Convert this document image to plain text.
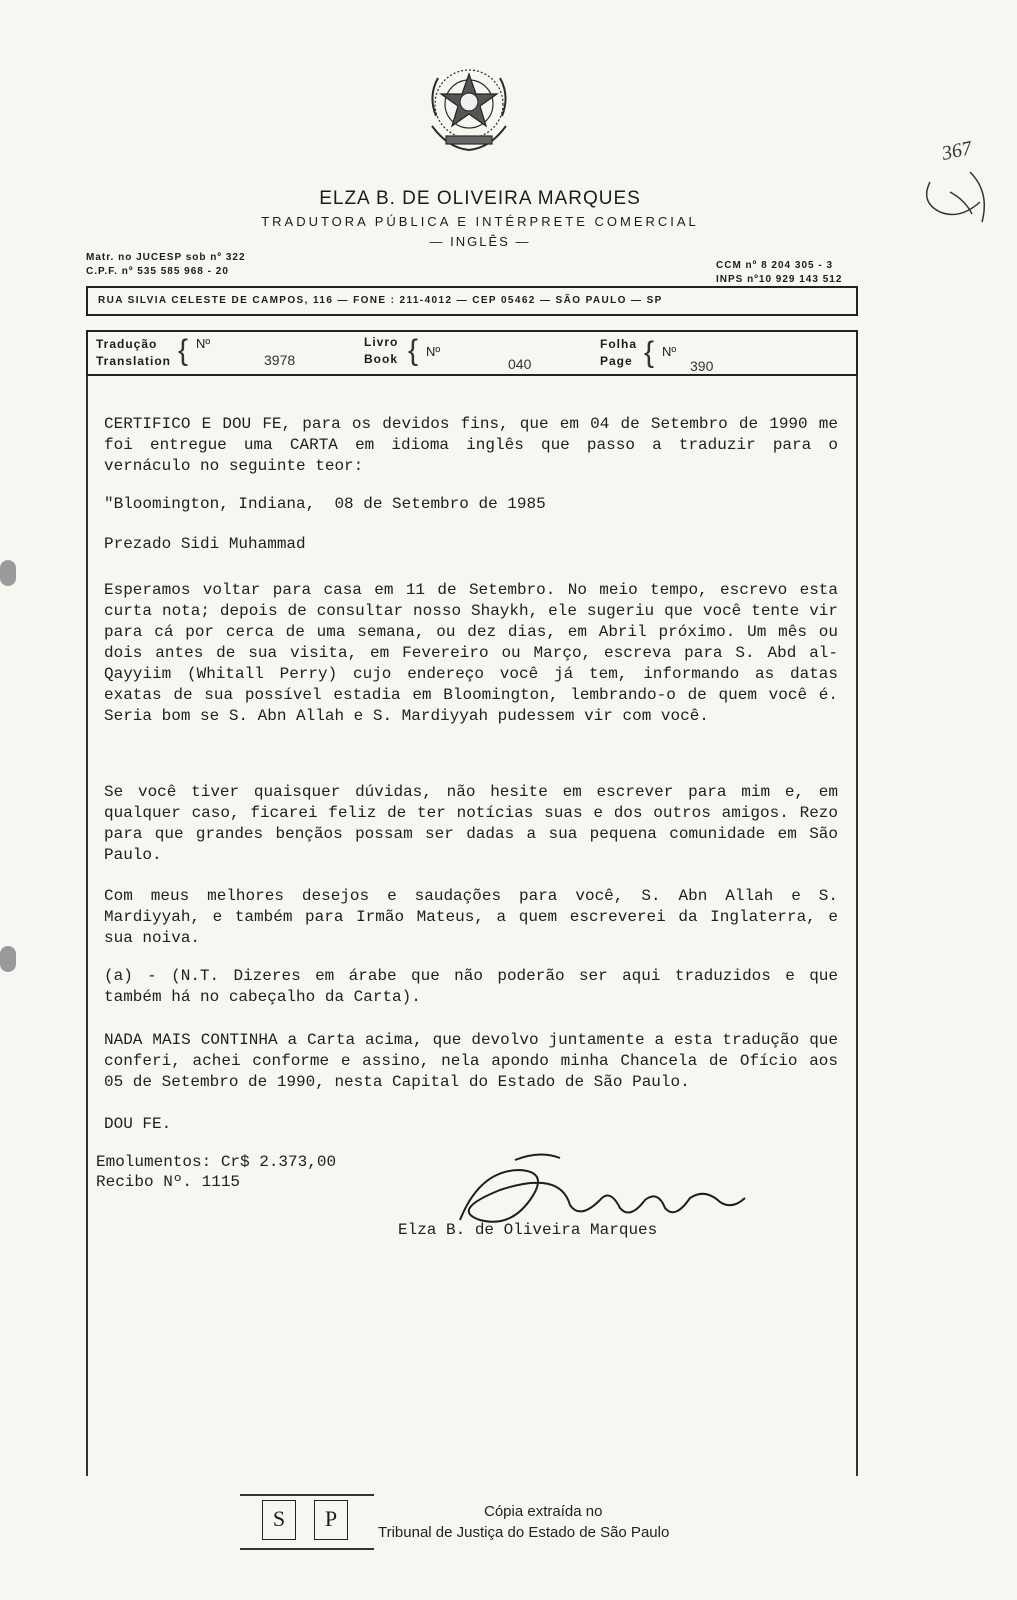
367
ELZA B. DE OLIVEIRA MARQUES
TRADUTORA PÚBLICA E INTÉRPRETE COMERCIAL
— INGLÊS —
Matr. no JUCESP sob nº 322
C.P.F. nº 535 585 968 - 20
CCM nº 8 204 305 - 3
INPS nº10 929 143 512
RUA SILVIA CELESTE DE CAMPOS, 116 — FONE : 211-4012 — CEP 05462 — SÃO PAULO — SP
Tradução
Translation { Nº
3978
Livro
Book { Nº
040
Folha
Page { Nº
390
CERTIFICO E DOU FE, para os devidos fins, que em 04 de Setembro de 1990 me foi entregue uma CARTA em idioma inglês que passo a traduzir para o vernáculo no seguinte teor:
"Bloomington, Indiana,  08 de Setembro de 1985
Prezado Sidi Muhammad
Esperamos voltar para casa em 11 de Setembro. No meio tempo, escrevo esta curta nota; depois de consultar nosso Shaykh, ele sugeriu que você tente vir para cá por cerca de uma semana, ou dez dias, em Abril próximo. Um mês ou dois antes de sua visita, em Fevereiro ou Março, escreva para S. Abd al-Qayyiim (Whitall Perry) cujo endereço você já tem, informando as datas exatas de sua possível estadia em Bloomington, lembrando-o de quem você é. Seria bom se S. Abn Allah e S. Mardiyyah pudessem vir com você.
Se você tiver quaisquer dúvidas, não hesite em escrever para mim e, em qualquer caso, ficarei feliz de ter notícias suas e dos outros amigos. Rezo para que grandes bençãos possam ser dadas a sua pequena comunidade em São Paulo.
Com meus melhores desejos e saudações para você, S. Abn Allah e S. Mardiyyah, e também para Irmão Mateus, a quem escreverei da Inglaterra, e sua noiva.
(a) - (N.T. Dizeres em árabe que não poderão ser aqui traduzidos e que também há no cabeçalho da Carta).
NADA MAIS CONTINHA a Carta acima, que devolvo juntamente a esta tradução que conferi, achei conforme e assino, nela apondo minha Chancela de Ofício aos 05 de Setembro de 1990, nesta Capital do Estado de São Paulo.
DOU FE.
Emolumentos: Cr$ 2.373,00
Recibo Nº. 1115
Elza B. de Oliveira Marques
S	P	Cópia extraída no
Tribunal de Justiça do Estado de São Paulo
